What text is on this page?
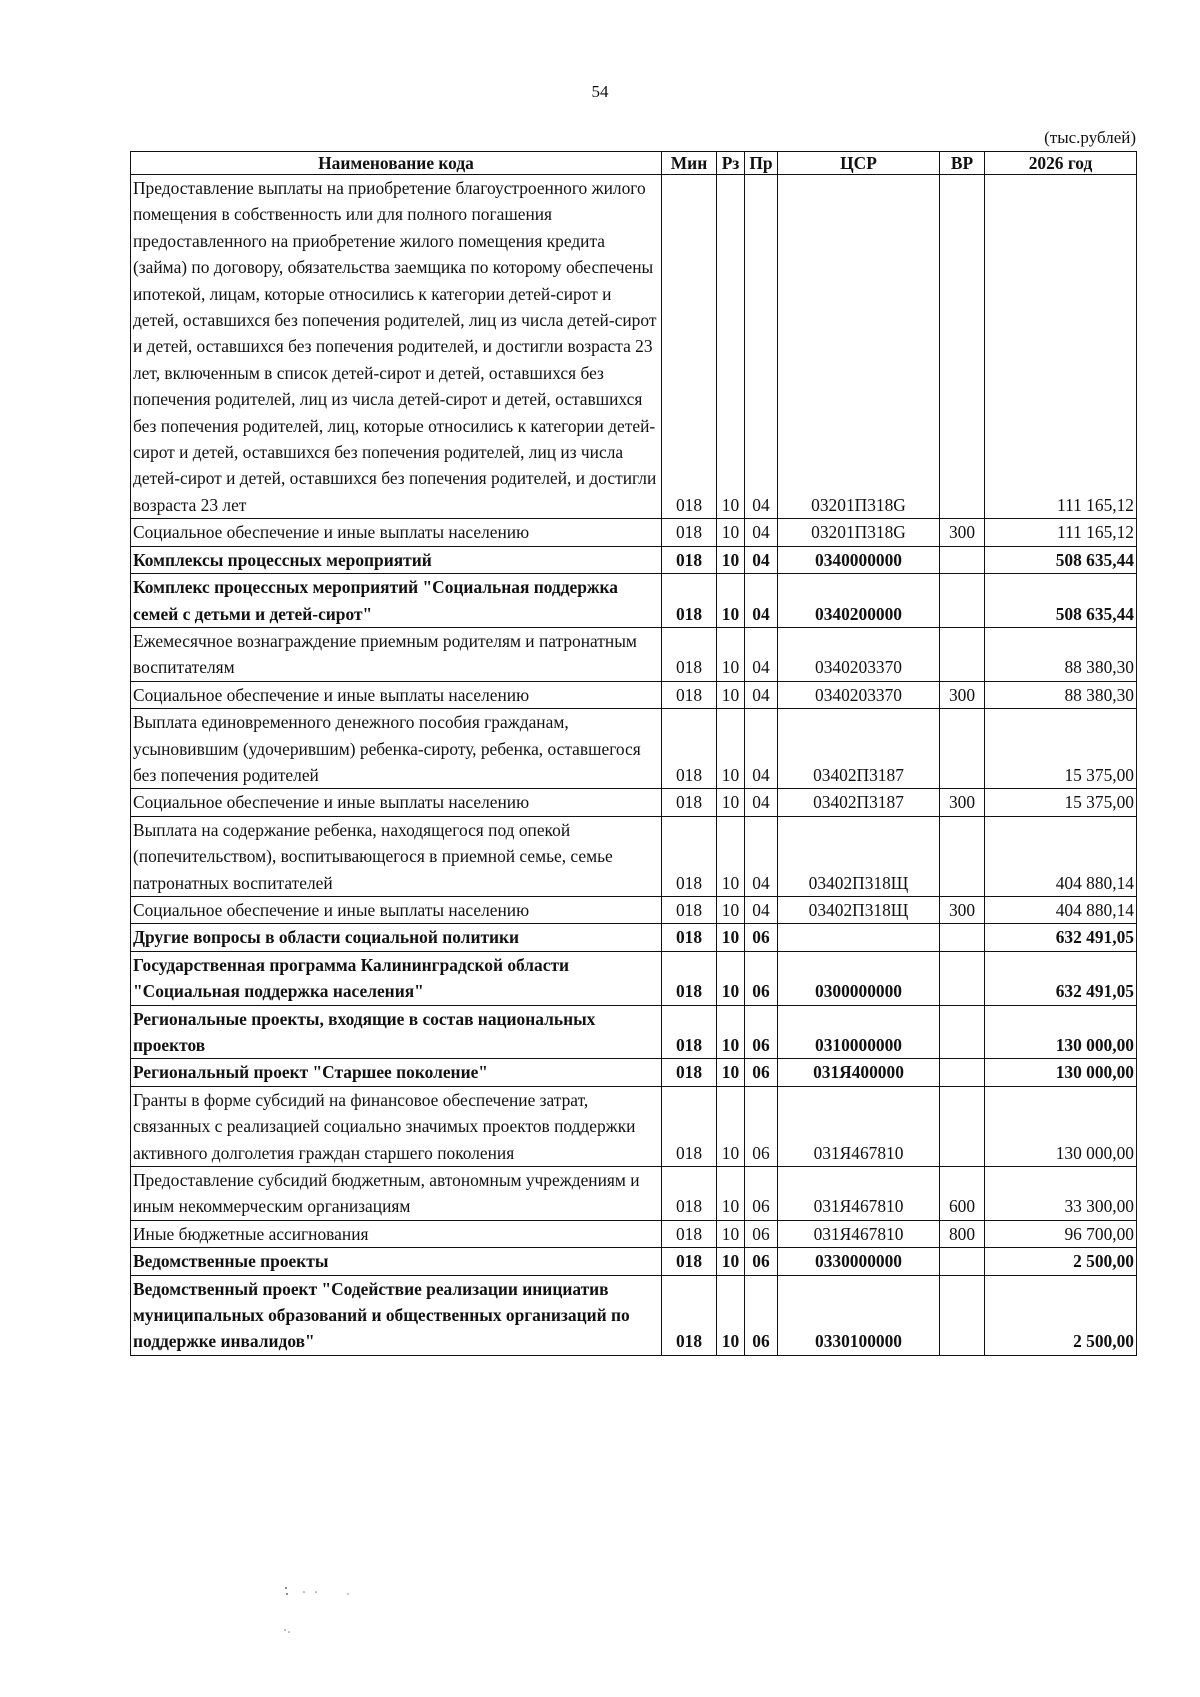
54
(тыс.рублей)
Наименование кода	Мин	Рз	Пр	ЦСР	ВР	2026 год
Предоставление выплаты на приобретение благоустроенного жилого помещения в собственность или для полного погашения предоставленного на приобретение жилого помещения кредита (займа) по договору, обязательства заемщика по которому обеспечены ипотекой, лицам, которые относились к категории детей-сирот и детей, оставшихся без попечения родителей, лиц из числа детей-сирот и детей, оставшихся без попечения родителей, и достигли возраста 23 лет, включенным в список детей-сирот и детей, оставшихся без попечения родителей, лиц из числа детей-сирот и детей, оставшихся без попечения родителей, лиц, которые относились к категории детей-сирот и детей, оставшихся без попечения родителей, лиц из числа детей-сирот и детей, оставшихся без попечения родителей, и достигли возраста 23 лет	018	10	04	03201П318G		111 165,12
Социальное обеспечение и иные выплаты населению	018	10	04	03201П318G	300	111 165,12
Комплексы процессных мероприятий	018	10	04	0340000000		508 635,44
Комплекс процессных мероприятий "Социальная поддержка семей с детьми и детей-сирот"	018	10	04	0340200000		508 635,44
Ежемесячное вознаграждение приемным родителям и патронатным воспитателям	018	10	04	0340203370		88 380,30
Социальное обеспечение и иные выплаты населению	018	10	04	0340203370	300	88 380,30
Выплата единовременного денежного пособия гражданам, усыновившим (удочерившим) ребенка-сироту, ребенка, оставшегося без попечения родителей	018	10	04	03402П3187		15 375,00
Социальное обеспечение и иные выплаты населению	018	10	04	03402П3187	300	15 375,00
Выплата на содержание ребенка, находящегося под опекой (попечительством), воспитывающегося в приемной семье, семье патронатных воспитателей	018	10	04	03402П318Щ		404 880,14
Социальное обеспечение и иные выплаты населению	018	10	04	03402П318Щ	300	404 880,14
Другие вопросы в области социальной политики	018	10	06			632 491,05
Государственная программа Калининградской области "Социальная поддержка населения"	018	10	06	0300000000		632 491,05
Региональные проекты, входящие в состав национальных проектов	018	10	06	0310000000		130 000,00
Региональный проект "Старшее поколение"	018	10	06	031Я400000		130 000,00
Гранты в форме субсидий на финансовое обеспечение затрат, связанных с реализацией социально значимых проектов поддержки активного долголетия граждан старшего поколения	018	10	06	031Я467810		130 000,00
Предоставление субсидий бюджетным, автономным учреждениям и иным некоммерческим организациям	018	10	06	031Я467810	600	33 300,00
Иные бюджетные ассигнования	018	10	06	031Я467810	800	96 700,00
Ведомственные проекты	018	10	06	0330000000		2 500,00
Ведомственный проект "Содействие реализации инициатив муниципальных образований и общественных организаций по поддержке инвалидов"	018	10	06	0330100000		2 500,00
